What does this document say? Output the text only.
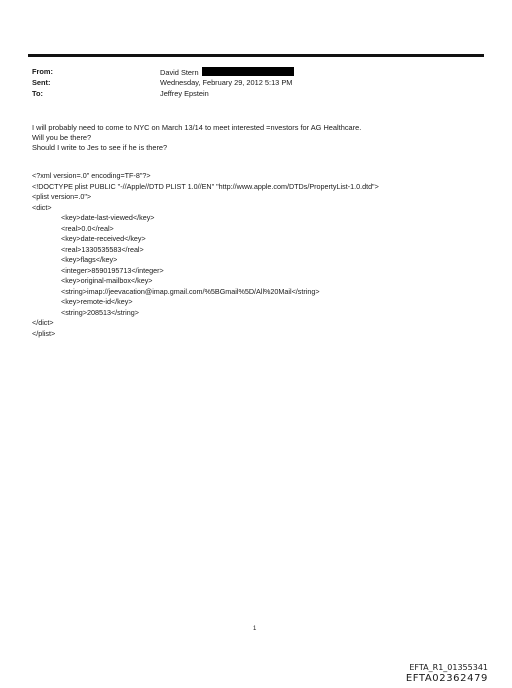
From:	David Stern
Sent:	Wednesday, February 29, 2012 5:13 PM
To:	Jeffrey Epstein

I will probably need to come to NYC on March 13/14 to meet interested =nvestors for AG Healthcare.

Will you be there?

Should I write to Jes to see if he is there?

<?xml version=.0" encoding=TF-8"?>
<!DOCTYPE plist PUBLIC "-//Apple//DTD PLIST 1.0//EN" "http://www.apple.com/DTDs/PropertyList-1.0.dtd">
<plist version=.0">
<dict>
<key>date-last-viewed</key>
<real>0.0</real>
<key>date-received</key>
<real>1330535583</real>
<key>flags</key>
<integer>8590195713</integer>
<key>original-mailbox</key>
<string>imap://jeevacation@imap.gmail.com/%5BGmail%5D/All%20Mail</string>
<key>remote-id</key>
<string>208513</string>
</dict>
</plist>
1
EFTA_R1_01355341
EFTA02362479
